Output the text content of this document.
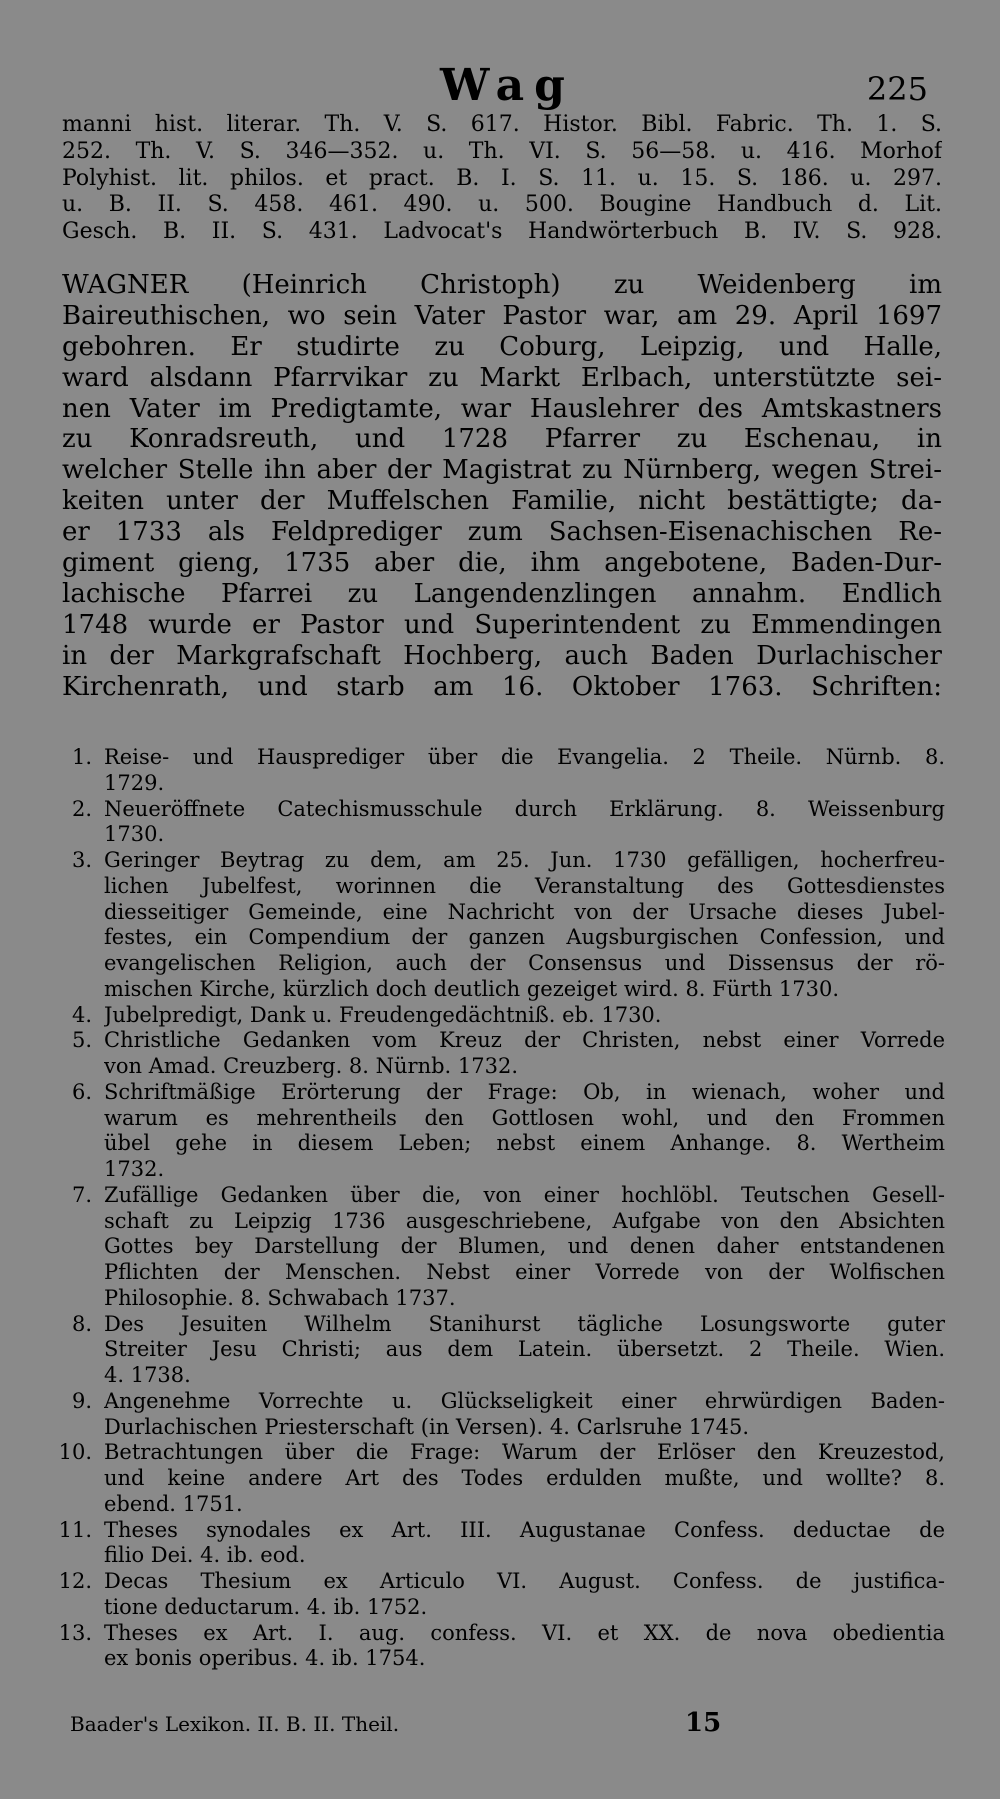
Wag	225
manni hist. literar. Th. V. S. 617. Histor. Bibl. Fabric. Th. 1. S.
252. Th. V. S. 346—352. u. Th. VI. S. 56—58. u. 416. Morhof
Polyhist. lit. philos. et pract. B. I. S. 11. u. 15. S. 186. u. 297.
u. B. II. S. 458. 461. 490. u. 500. Bougine Handbuch d. Lit.
Gesch. B. II. S. 431. Ladvocat's Handwörterbuch B. IV. S. 928.
WAGNER (Heinrich Christoph) zu Weidenberg im
Baireuthischen, wo sein Vater Pastor war, am 29. April 1697
gebohren. Er studirte zu Coburg, Leipzig, und Halle,
ward alsdann Pfarrvikar zu Markt Erlbach, unterstützte sei-
nen Vater im Predigtamte, war Hauslehrer des Amtskastners
zu Konradsreuth, und 1728 Pfarrer zu Eschenau, in
welcher Stelle ihn aber der Magistrat zu Nürnberg, wegen Strei-
keiten unter der Muffelschen Familie, nicht bestättigte; da-
er 1733 als Feldprediger zum Sachsen-Eisenachischen Re-
giment gieng, 1735 aber die, ihm angebotene, Baden-Dur-
lachische Pfarrei zu Langendenzlingen annahm. Endlich
1748 wurde er Pastor und Superintendent zu Emmendingen
in der Markgrafschaft Hochberg, auch Baden Durlachischer
Kirchenrath, und starb am 16. Oktober 1763. Schriften:
1. Reise- und Hausprediger über die Evangelia. 2 Theile. Nürnb. 8.
1729.
2. Neueröffnete Catechismusschule durch Erklärung. 8. Weissenburg
1730.
3. Geringer Beytrag zu dem, am 25. Jun. 1730 gefälligen, hocherfreu-
lichen Jubelfest, worinnen die Veranstaltung des Gottesdienstes
diesseitiger Gemeinde, eine Nachricht von der Ursache dieses Jubel-
festes, ein Compendium der ganzen Augsburgischen Confession, und
evangelischen Religion, auch der Consensus und Dissensus der rö-
mischen Kirche, kürzlich doch deutlich gezeiget wird. 8. Fürth 1730.
4. Jubelpredigt, Dank u. Freudengedächtniß. eb. 1730.
5. Christliche Gedanken vom Kreuz der Christen, nebst einer Vorrede
von Amad. Creuzberg. 8. Nürnb. 1732.
6. Schriftmäßige Erörterung der Frage: Ob, in wienach, woher und
warum es mehrentheils den Gottlosen wohl, und den Frommen
übel gehe in diesem Leben; nebst einem Anhange. 8. Wertheim
1732.
7. Zufällige Gedanken über die, von einer hochlöbl. Teutschen Gesell-
schaft zu Leipzig 1736 ausgeschriebene, Aufgabe von den Absichten
Gottes bey Darstellung der Blumen, und denen daher entstandenen
Pflichten der Menschen. Nebst einer Vorrede von der Wolfischen
Philosophie. 8. Schwabach 1737.
8. Des Jesuiten Wilhelm Stanihurst tägliche Losungsworte guter
Streiter Jesu Christi; aus dem Latein. übersetzt. 2 Theile. Wien.
4. 1738.
9. Angenehme Vorrechte u. Glückseligkeit einer ehrwürdigen Baden-
Durlachischen Priesterschaft (in Versen). 4. Carlsruhe 1745.
10. Betrachtungen über die Frage: Warum der Erlöser den Kreuzestod,
und keine andere Art des Todes erdulden mußte, und wollte? 8.
ebend. 1751.
11. Theses synodales ex Art. III. Augustanae Confess. deductae de
filio Dei. 4. ib. eod.
12. Decas Thesium ex Articulo VI. August. Confess. de justifica-
tione deductarum. 4. ib. 1752.
13. Theses ex Art. I. aug. confess. VI. et XX. de nova obedientia
ex bonis operibus. 4. ib. 1754.
Baader's Lexikon. II. B. II. Theil.	15
